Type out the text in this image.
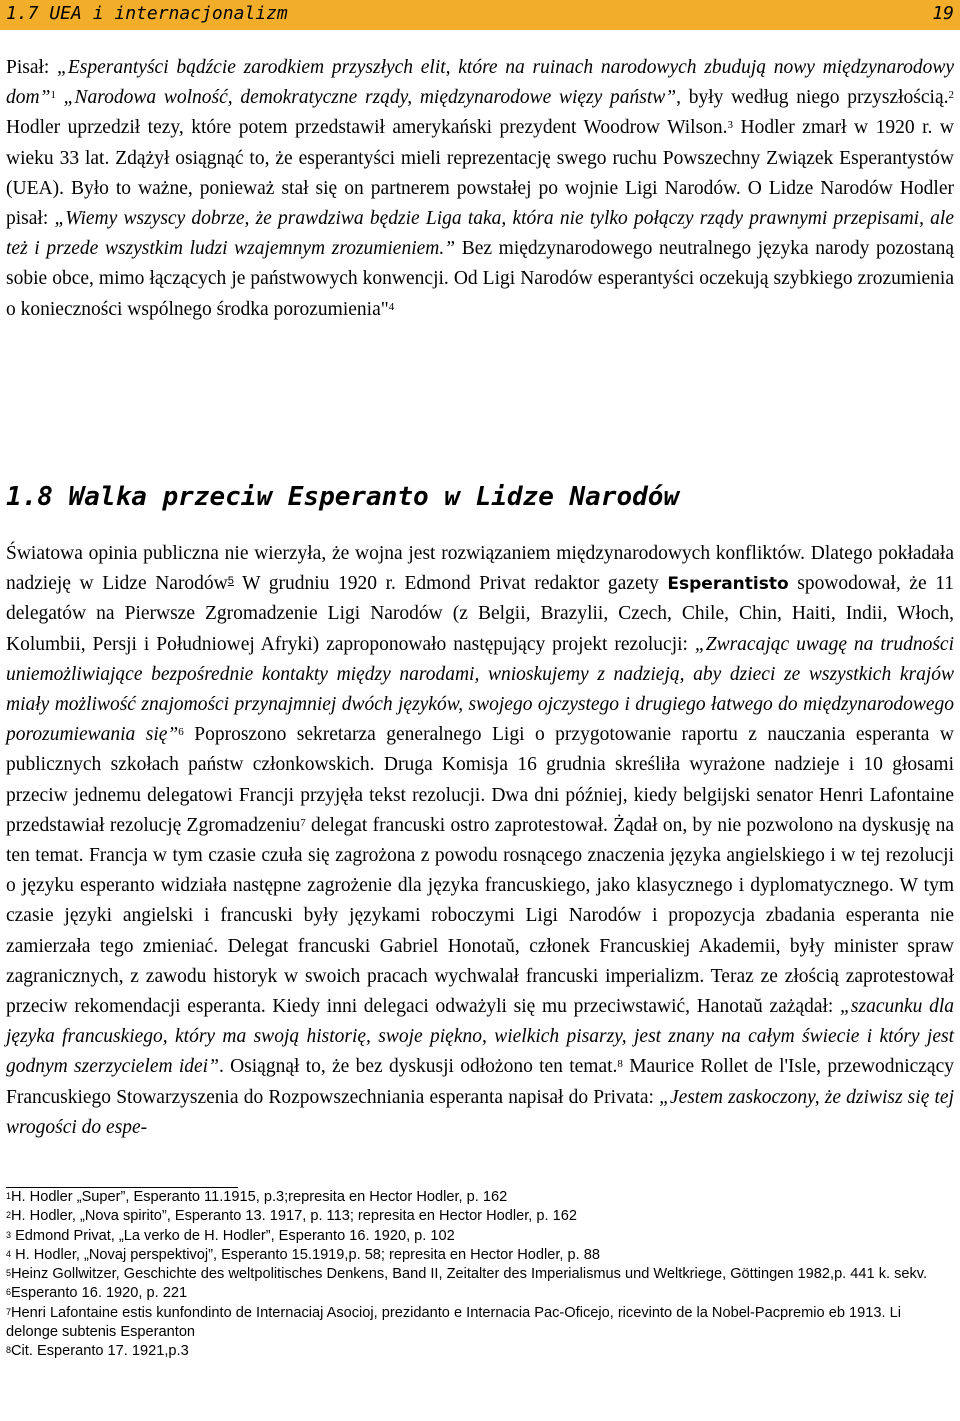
1.7 UEA i internacjonalizm	19

Pisał: „Esperantyści bądźcie zarodkiem przyszłych elit, które na ruinach narodowych zbudują nowy międzynarodowy dom”$^1$ „Narodowa wolność, demokratyczne rządy, międzynarodowe więzy państw”, były według niego przyszłością.$^2$ Hodler uprzedził tezy, które potem przedstawił amerykański prezydent Woodrow Wilson.$^3$ Hodler zmarł w 1920 r. w wieku 33 lat. Zdążył osiągnąć to, że esperantyści mieli reprezentację swego ruchu Powszechny Związek Esperantystów (UEA). Było to ważne, ponieważ stał się on partnerem powstałej po wojnie Ligi Narodów. O Lidze Narodów Hodler pisał: „Wiemy wszyscy dobrze, że prawdziwa będzie Liga taka, która nie tylko połączy rządy prawnymi przepisami, ale też i przede wszystkim ludzi wzajemnym zrozumieniem.” Bez międzynarodowego neutralnego języka narody pozostaną sobie obce, mimo łączących je państwowych konwencji. Od Ligi Narodów esperantyści oczekują szybkiego zrozumienia o konieczności wspólnego środka porozumienia"$^4$

1.8 Walka przeciw Esperanto w Lidze Narodów

Światowa opinia publiczna nie wierzyła, że wojna jest rozwiązaniem międzynarodowych konfliktów. Dlatego pokładała nadzieję w Lidze Narodów$^5$ W grudniu 1920 r. Edmond Privat redaktor gazety Esperantisto spowodował, że 11 delegatów na Pierwsze Zgromadzenie Ligi Narodów (z Belgii, Brazylii, Czech, Chile, Chin, Haiti, Indii, Włoch, Kolumbii, Persji i Południowej Afryki) zaproponowało następujący projekt rezolucji: „Zwracając uwagę na trudności uniemożliwiające bezpośrednie kontakty między narodami, wnioskujemy z nadzieją, aby dzieci ze wszystkich krajów miały możliwość znajomości przynajmniej dwóch języków, swojego ojczystego i drugiego łatwego do międzynarodowego porozumiewania się”$^6$ Poproszono sekretarza generalnego Ligi o przygotowanie raportu z nauczania esperanta w publicznych szkołach państw członkowskich. Druga Komisja 16 grudnia skreśliła wyrażone nadzieje i 10 głosami przeciw jednemu delegatowi Francji przyjęła tekst rezolucji. Dwa dni później, kiedy belgijski senator Henri Lafontaine przedstawiał rezolucję Zgromadzeniu$^7$ delegat francuski ostro zaprotestował. Żądał on, by nie pozwolono na dyskusję na ten temat. Francja w tym czasie czuła się zagrożona z powodu rosnącego znaczenia języka angielskiego i w tej rezolucji o języku esperanto widziała następne zagrożenie dla języka francuskiego, jako klasycznego i dyplomatycznego. W tym czasie języki angielski i francuski były językami roboczymi Ligi Narodów i propozycja zbadania esperanta nie zamierzała tego zmieniać. Delegat francuski Gabriel Honotaŭ, członek Francuskiej Akademii, były minister spraw zagranicznych, z zawodu historyk w swoich pracach wychwalał francuski imperializm. Teraz ze złością zaprotestował przeciw rekomendacji esperanta. Kiedy inni delegaci odważyli się mu przeciwstawić, Hanotaŭ zażądał: „szacunku dla języka francuskiego, który ma swoją historię, swoje piękno, wielkich pisarzy, jest znany na całym świecie i który jest godnym szerzycielem idei”. Osiągnął to, że bez dyskusji odłożono ten temat.$^8$ Maurice Rollet de l'Isle, przewodniczący Francuskiego Stowarzyszenia do Rozpowszechniania esperanta napisał do Privata: „Jestem zaskoczony, że dziwisz się tej wrogości do espe-

$^1$H. Hodler „Super”, Esperanto 11.1915, p.3;represita en Hector Hodler, p. 162

$^2$H. Hodler, „Nova spirito”, Esperanto 13. 1917, p. 113; represita en Hector Hodler, p. 162

$^3$ Edmond Privat, „La verko de H. Hodler”, Esperanto 16. 1920, p. 102

$^4$ H. Hodler, „Novaj perspektivoj”, Esperanto 15.1919,p. 58; represita en Hector Hodler, p. 88

$^5$Heinz Gollwitzer, Geschichte des weltpolitisches Denkens, Band II, Zeitalter des Imperialismus und Weltkriege, Göttingen 1982,p. 441 k. sekv.

$^6$Esperanto 16. 1920, p. 221

$^7$Henri Lafontaine estis kunfondinto de Internaciaj Asocioj, prezidanto e Internacia Pac-Oficejo, ricevinto de la Nobel-Pacpremio eb 1913. Li delonge subtenis Esperanton

$^8$Cit. Esperanto 17. 1921,p.3
